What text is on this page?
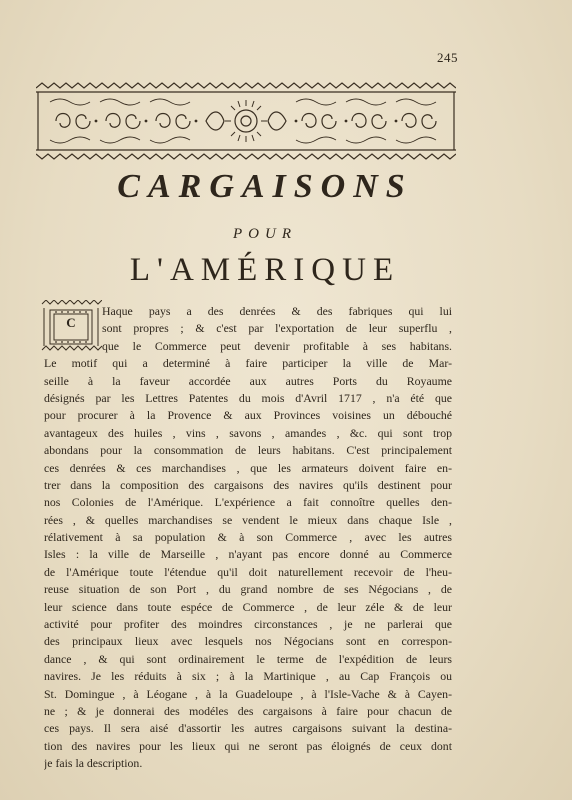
245
CARGAISONS
POUR
L'AMÉRIQUE
C
Haque pays a des denrées & des fabriques qui lui
sont propres ; & c'est par l'exportation de leur superflu ,
que le Commerce peut devenir profitable à ses habitans.
Le motif qui a determiné à faire participer la ville de Mar-
seille à la faveur accordée aux autres Ports du Royaume
désignés par les Lettres Patentes du mois d'Avril 1717 , n'a été que
pour procurer à la Provence & aux Provinces voisines un débouché
avantageux des huiles , vins , savons , amandes , &c. qui sont trop
abondans pour la consommation de leurs habitans. C'est principalement
ces denrées & ces marchandises , que les armateurs doivent faire en-
trer dans la composition des cargaisons des navires qu'ils destinent pour
nos Colonies de l'Amérique. L'expérience a fait connoître quelles den-
rées , & quelles marchandises se vendent le mieux dans chaque Isle ,
rélativement à sa population & à son Commerce , avec les autres
Isles : la ville de Marseille , n'ayant pas encore donné au Commerce
de l'Amérique toute l'étendue qu'il doit naturellement recevoir de l'heu-
reuse situation de son Port , du grand nombre de ses Négocians , de
leur science dans toute espéce de Commerce , de leur zéle & de leur
activité pour profiter des moindres circonstances , je ne parlerai que
des principaux lieux avec lesquels nos Négocians sont en correspon-
dance , & qui sont ordinairement le terme de l'expédition de leurs
navires. Je les réduits à six ; à la Martinique , au Cap François ou
St. Domingue , à Léogane , à la Guadeloupe , à l'Isle-Vache & à Cayen-
ne ; & je donnerai des modéles des cargaisons à faire pour chacun de
ces pays. Il sera aisé d'assortir les autres cargaisons suivant la destina-
tion des navires pour les lieux qui ne seront pas éloignés de ceux dont
je fais la description.
